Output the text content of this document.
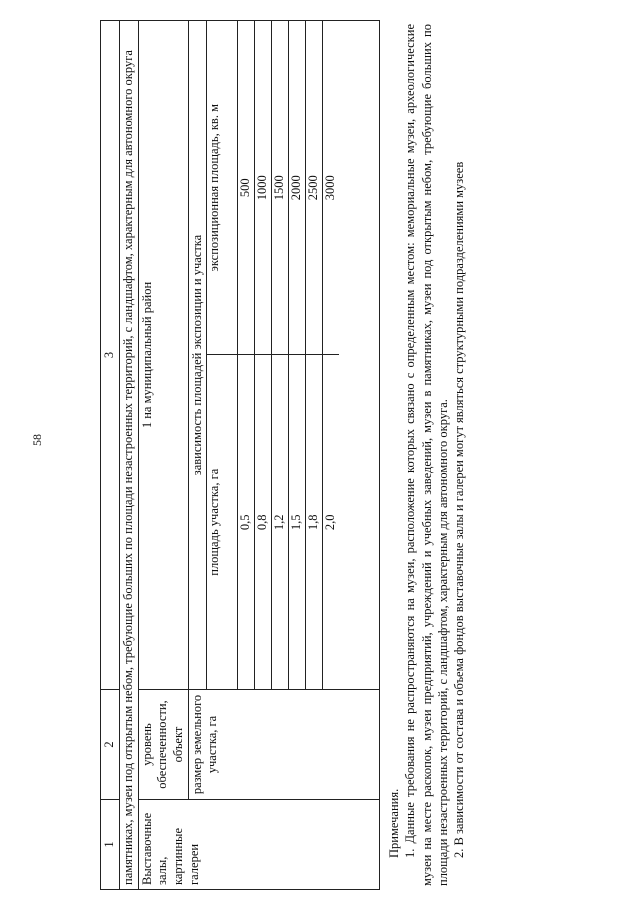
58
1	2	3
памятниках, музеи под открытым небом, требующие больших по площади незастроенных территорий, с ландшафтом, характерным для автономного округа
Выставочные залы, картинные галереи	уровень обеспеченности, объект	1 на муниципальный район
размер земельного участка, га	
зависимость площадей экспозиции и участка
площадь участка, га	экспозиционная площадь, кв. м
0,5	500
0,8	1000
1,2	1500
1,5	2000
1,8	2500
2,0	3000

Примечания. 1. Данные требования не распространяются на музеи, расположение которых связано с определенным местом: мемориальные музеи, археологические музеи на месте раскопок, музеи предприятий, учреждений и учебных заведений, музеи в памятниках, музеи под открытым небом, требующие больших по площади незастроенных территорий, с ландшафтом, характерным для автономного округа. 2. В зависимости от состава и объема фондов выставочные залы и галереи могут являться структурными подразделениями музеев
